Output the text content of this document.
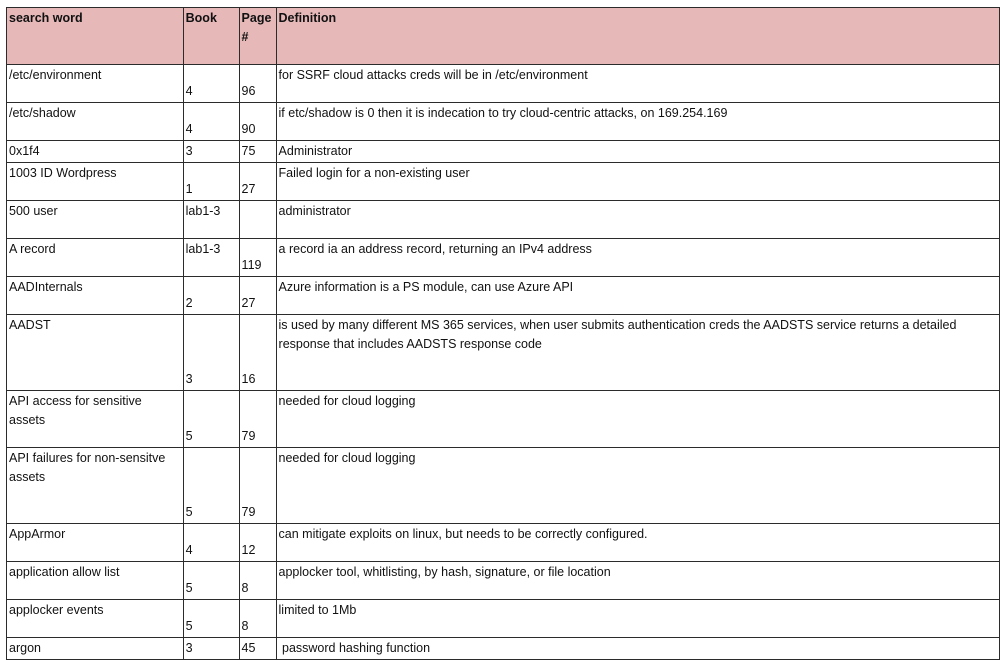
search word	Book	Page #	Definition
/etc/environment	4	96	for SSRF cloud attacks creds will be in /etc/environment
/etc/shadow	4	90	if etc/shadow is 0 then it is indecation to try cloud-centric attacks, on 169.254.169
0x1f4	3	75	Administrator
1003 ID Wordpress	1	27	Failed login for a non-existing user
500 user	lab1-3		administrator
A record	lab1-3	119	a record ia an address record, returning an IPv4 address
AADInternals	2	27	Azure information is a PS module, can use Azure API
AADST	3	16	is used by many different MS 365 services, when user submits authentication creds the AADSTS service returns a detailed response that includes AADSTS response code
API access for sensitive assets	5	79	needed for cloud logging
API failures for non-sensitve assets	5	79	needed for cloud logging
AppArmor	4	12	can mitigate exploits on linux, but needs to be correctly configured.
application allow list	5	8	applocker tool, whitlisting, by hash, signature, or file location
applocker events	5	8	limited to 1Mb
argon	3	45	password hashing function
